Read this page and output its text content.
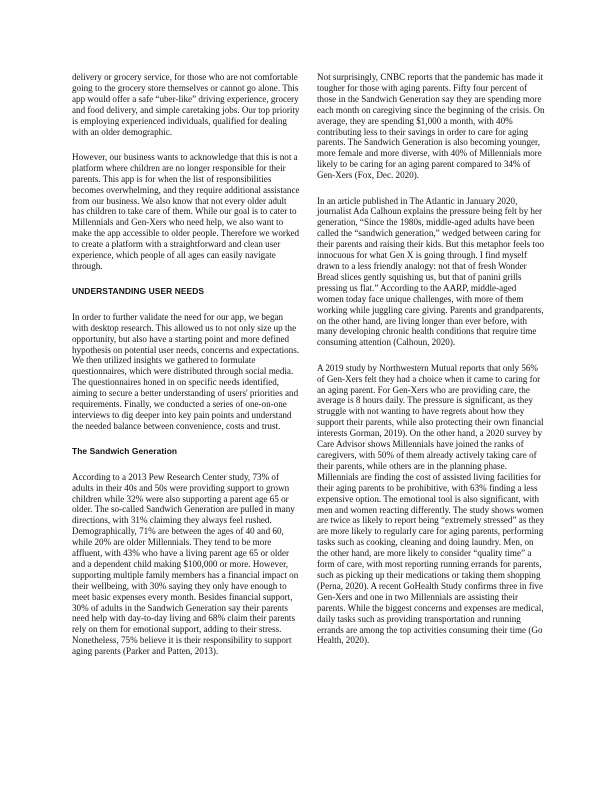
delivery or grocery service, for those who are not comfortable going to the grocery store themselves or cannot go alone. This app would offer a safe “uber-like” driving experience, grocery and food delivery, and simple caretaking jobs. Our top priority is employing experienced individuals, qualified for dealing with an older demographic.

However, our business wants to acknowledge that this is not a platform where children are no longer responsible for their parents. This app is for when the list of responsibilities becomes overwhelming, and they require additional assistance from our business. We also know that not every older adult has children to take care of them. While our goal is to cater to Millennials and Gen-Xers who need help, we also want to make the app accessible to older people. Therefore we worked to create a platform with a straightforward and clean user experience, which people of all ages can easily navigate through.

UNDERSTANDING USER NEEDS

In order to further validate the need for our app, we began with desktop research. This allowed us to not only size up the opportunity, but also have a starting point and more defined hypothesis on potential user needs, concerns and expectations. We then utilized insights we gathered to formulate questionnaires, which were distributed through social media. The questionnaires honed in on specific needs identified, aiming to secure a better understanding of users' priorities and requirements. Finally, we conducted a series of one-on-one interviews to dig deeper into key pain points and understand the needed balance between convenience, costs and trust.

The Sandwich Generation

According to a 2013 Pew Research Center study, 73% of adults in their 40s and 50s were providing support to grown children while 32% were also supporting a parent age 65 or older. The so-called Sandwich Generation are pulled in many directions, with 31% claiming they always feel rushed. Demographically, 71% are between the ages of 40 and 60, while 20% are older Millennials. They tend to be more affluent, with 43% who have a living parent age 65 or older and a dependent child making $100,000 or more. However, supporting multiple family members has a financial impact on their wellbeing, with 30% saying they only have enough to meet basic expenses every month. Besides financial support, 30% of adults in the Sandwich Generation say their parents need help with day-to-day living and 68% claim their parents rely on them for emotional support, adding to their stress. Nonetheless, 75% believe it is their responsibility to support aging parents (Parker and Patten, 2013).

Not surprisingly, CNBC reports that the pandemic has made it tougher for those with aging parents. Fifty four percent of those in the Sandwich Generation say they are spending more each month on caregiving since the beginning of the crisis. On average, they are spending $1,000 a month, with 40% contributing less to their savings in order to care for aging parents. The Sandwich Generation is also becoming younger, more female and more diverse, with 40% of Millennials more likely to be caring for an aging parent compared to 34% of Gen-Xers (Fox, Dec. 2020).

In an article published in The Atlantic in January 2020, journalist Ada Calhoun explains the pressure being felt by her generation, “Since the 1980s, middle-aged adults have been called the “sandwich generation,” wedged between caring for their parents and raising their kids. But this metaphor feels too innocuous for what Gen X is going through. I find myself drawn to a less friendly analogy: not that of fresh Wonder Bread slices gently squishing us, but that of panini grills pressing us flat.” According to the AARP, middle-aged women today face unique challenges, with more of them working while juggling care giving. Parents and grandparents, on the other hand, are living longer than ever before, with many developing chronic health conditions that require time consuming attention (Calhoun, 2020).

A 2019 study by Northwestern Mutual reports that only 56% of Gen-Xers felt they had a choice when it came to caring for an aging parent. For Gen-Xers who are providing care, the average is 8 hours daily. The pressure is significant, as they struggle with not wanting to have regrets about how they support their parents, while also protecting their own financial interests Gorman, 2019). On the other hand, a 2020 survey by Care Advisor shows Millennials have joined the ranks of caregivers, with 50% of them already actively taking care of their parents, while others are in the planning phase. Millennials are finding the cost of assisted living facilities for their aging parents to be prohibitive, with 63% finding a less expensive option. The emotional tool is also significant, with men and women reacting differently. The study shows women are twice as likely to report being “extremely stressed” as they are more likely to regularly care for aging parents, performing tasks such as cooking, cleaning and doing laundry. Men, on the other hand, are more likely to consider “quality time” a form of care, with most reporting running errands for parents, such as picking up their medications or taking them shopping (Perna, 2020). A recent GoHealth Study confirms three in five Gen-Xers and one in two Millennials are assisting their parents. While the biggest concerns and expenses are medical, daily tasks such as providing transportation and running errands are among the top activities consuming their time (Go Health, 2020).
